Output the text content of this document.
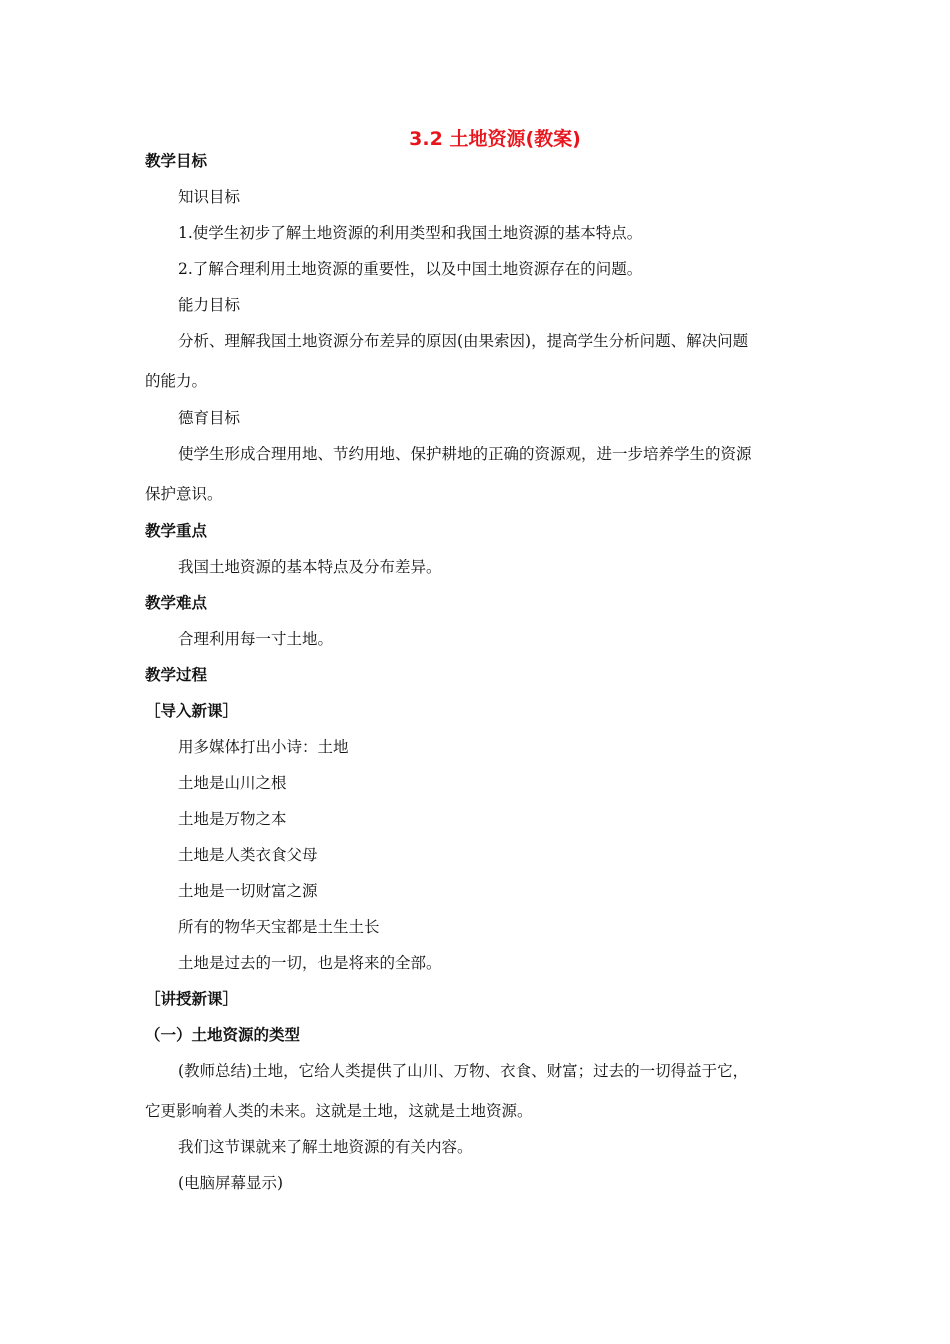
3.2 土地资源(教案)
教学目标
知识目标
1.使学生初步了解土地资源的利用类型和我国土地资源的基本特点。
2.了解合理利用土地资源的重要性，以及中国土地资源存在的问题。
能力目标
分析、理解我国土地资源分布差异的原因(由果索因)，提高学生分析问题、解决问题
的能力。
德育目标
使学生形成合理用地、节约用地、保护耕地的正确的资源观，进一步培养学生的资源
保护意识。
教学重点
我国土地资源的基本特点及分布差异。
教学难点
合理利用每一寸土地。
教学过程
［导入新课］
用多媒体打出小诗：土地
土地是山川之根
土地是万物之本
土地是人类衣食父母
土地是一切财富之源
所有的物华天宝都是土生土长
土地是过去的一切，也是将来的全部。
［讲授新课］
（一）土地资源的类型
(教师总结)土地，它给人类提供了山川、万物、衣食、财富；过去的一切得益于它，
它更影响着人类的未来。这就是土地，这就是土地资源。
我们这节课就来了解土地资源的有关内容。
(电脑屏幕显示)
